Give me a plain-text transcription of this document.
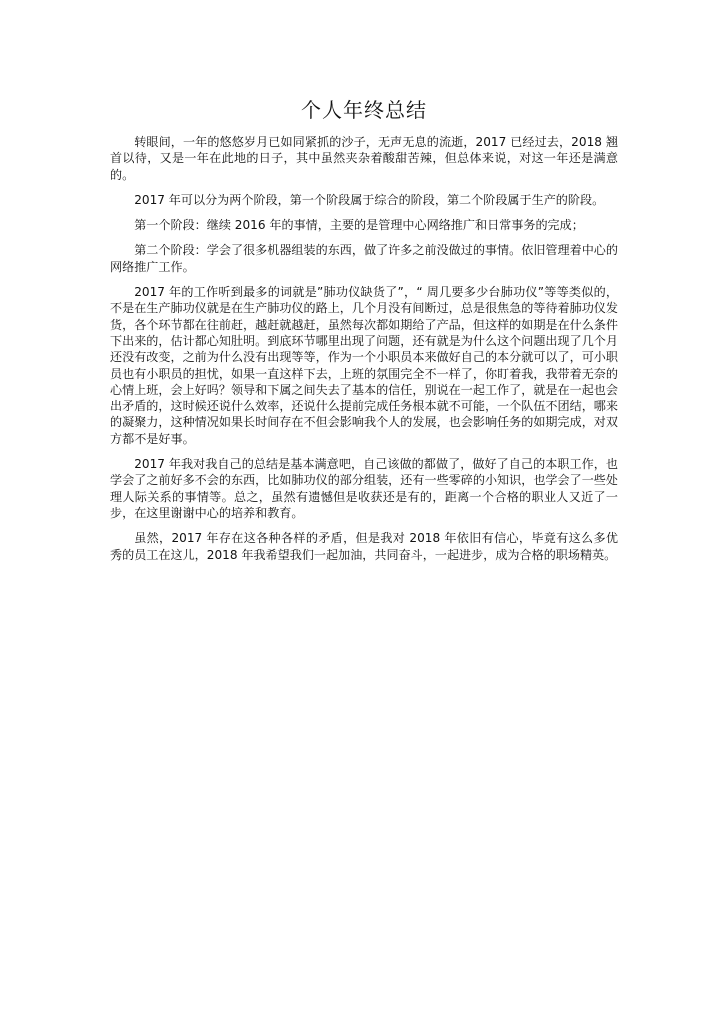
个人年终总结

转眼间，一年的悠悠岁月已如同紧抓的沙子，无声无息的流逝，2017 已经过去，2018 翘首以待，又是一年在此地的日子，其中虽然夹杂着酸甜苦辣，但总体来说，对这一年还是满意的。

2017 年可以分为两个阶段，第一个阶段属于综合的阶段，第二个阶段属于生产的阶段。

第一个阶段：继续 2016 年的事情，主要的是管理中心网络推广和日常事务的完成；

第二个阶段：学会了很多机器组装的东西，做了许多之前没做过的事情。依旧管理着中心的网络推广工作。

2017 年的工作听到最多的词就是”肺功仪缺货了”，“ 周几要多少台肺功仪”等等类似的，不是在生产肺功仪就是在生产肺功仪的路上，几个月没有间断过，总是很焦急的等待着肺功仪发货，各个环节都在往前赶，越赶就越赶，虽然每次都如期给了产品，但这样的如期是在什么条件下出来的，估计都心知肚明。到底环节哪里出现了问题，还有就是为什么这个问题出现了几个月还没有改变，之前为什么没有出现等等，作为一个小职员本来做好自己的本分就可以了，可小职员也有小职员的担忧，如果一直这样下去，上班的氛围完全不一样了，你盯着我，我带着无奈的心情上班，会上好吗？领导和下属之间失去了基本的信任，别说在一起工作了，就是在一起也会出矛盾的，这时候还说什么效率，还说什么提前完成任务根本就不可能，一个队伍不团结，哪来的凝聚力，这种情况如果长时间存在不但会影响我个人的发展，也会影响任务的如期完成，对双方都不是好事。

2017 年我对我自己的总结是基本满意吧，自己该做的都做了，做好了自己的本职工作，也学会了之前好多不会的东西，比如肺功仪的部分组装，还有一些零碎的小知识，也学会了一些处理人际关系的事情等。总之，虽然有遗憾但是收获还是有的，距离一个合格的职业人又近了一步，在这里谢谢中心的培养和教育。

虽然，2017 年存在这各种各样的矛盾，但是我对 2018 年依旧有信心，毕竟有这么多优秀的员工在这儿，2018 年我希望我们一起加油，共同奋斗，一起进步，成为合格的职场精英。
